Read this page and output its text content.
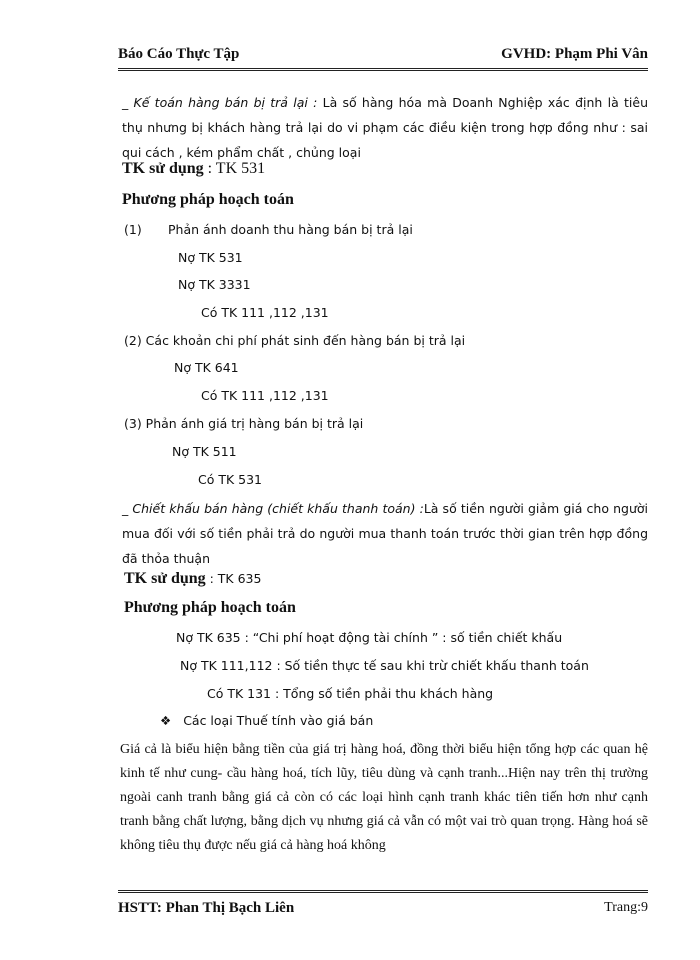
Báo Cáo Thực Tập	GVHD: Phạm Phi Vân
_ Kế toán hàng bán bị trả lại : Là số hàng hóa mà Doanh Nghiệp xác định là tiêu thụ nhưng bị khách hàng trả lại do vi phạm các điều kiện trong hợp đồng như : sai qui cách , kém phẩm chất , chủng loại
TK sử dụng : TK 531
Phương pháp hoạch toán
(1) Phản ánh doanh thu hàng bán bị trả lại
Nợ TK 531
Nợ TK 3331
Có TK 111 ,112 ,131
(2) Các khoản chi phí phát sinh đến hàng bán bị trả lại
Nợ TK 641
Có TK 111 ,112 ,131
(3) Phản ánh giá trị hàng bán bị trả lại
Nợ TK 511
Có TK 531
_ Chiết khấu bán hàng (chiết khấu thanh toán) :Là số tiền người giảm giá cho người mua đối với số tiền phải trả do người mua thanh toán trước thời gian trên hợp đồng đã thỏa thuận
TK sử dụng : TK 635
Phương pháp hoạch toán
Nợ TK 635 : “Chi phí hoạt động tài chính ” : số tiền chiết khấu
Nợ TK 111,112 : Số tiền thực tế sau khi trừ chiết khấu thanh toán
Có TK 131 : Tổng số tiền phải thu khách hàng
❖ Các loại Thuế tính vào giá bán
Giá cả là biểu hiện bằng tiền của giá trị hàng hoá, đồng thời biểu hiện tổng hợp các quan hệ kinh tế như cung- cầu hàng hoá, tích lũy, tiêu dùng và cạnh tranh...Hiện nay trên thị trường ngoài canh tranh bằng giá cả còn có các loại hình cạnh tranh khác tiên tiến hơn như cạnh tranh bằng chất lượng, bằng dịch vụ nhưng giá cả vẫn có một vai trò quan trọng. Hàng hoá sẽ không tiêu thụ được nếu giá cả hàng hoá không
HSTT: Phan Thị Bạch Liên	Trang:9
